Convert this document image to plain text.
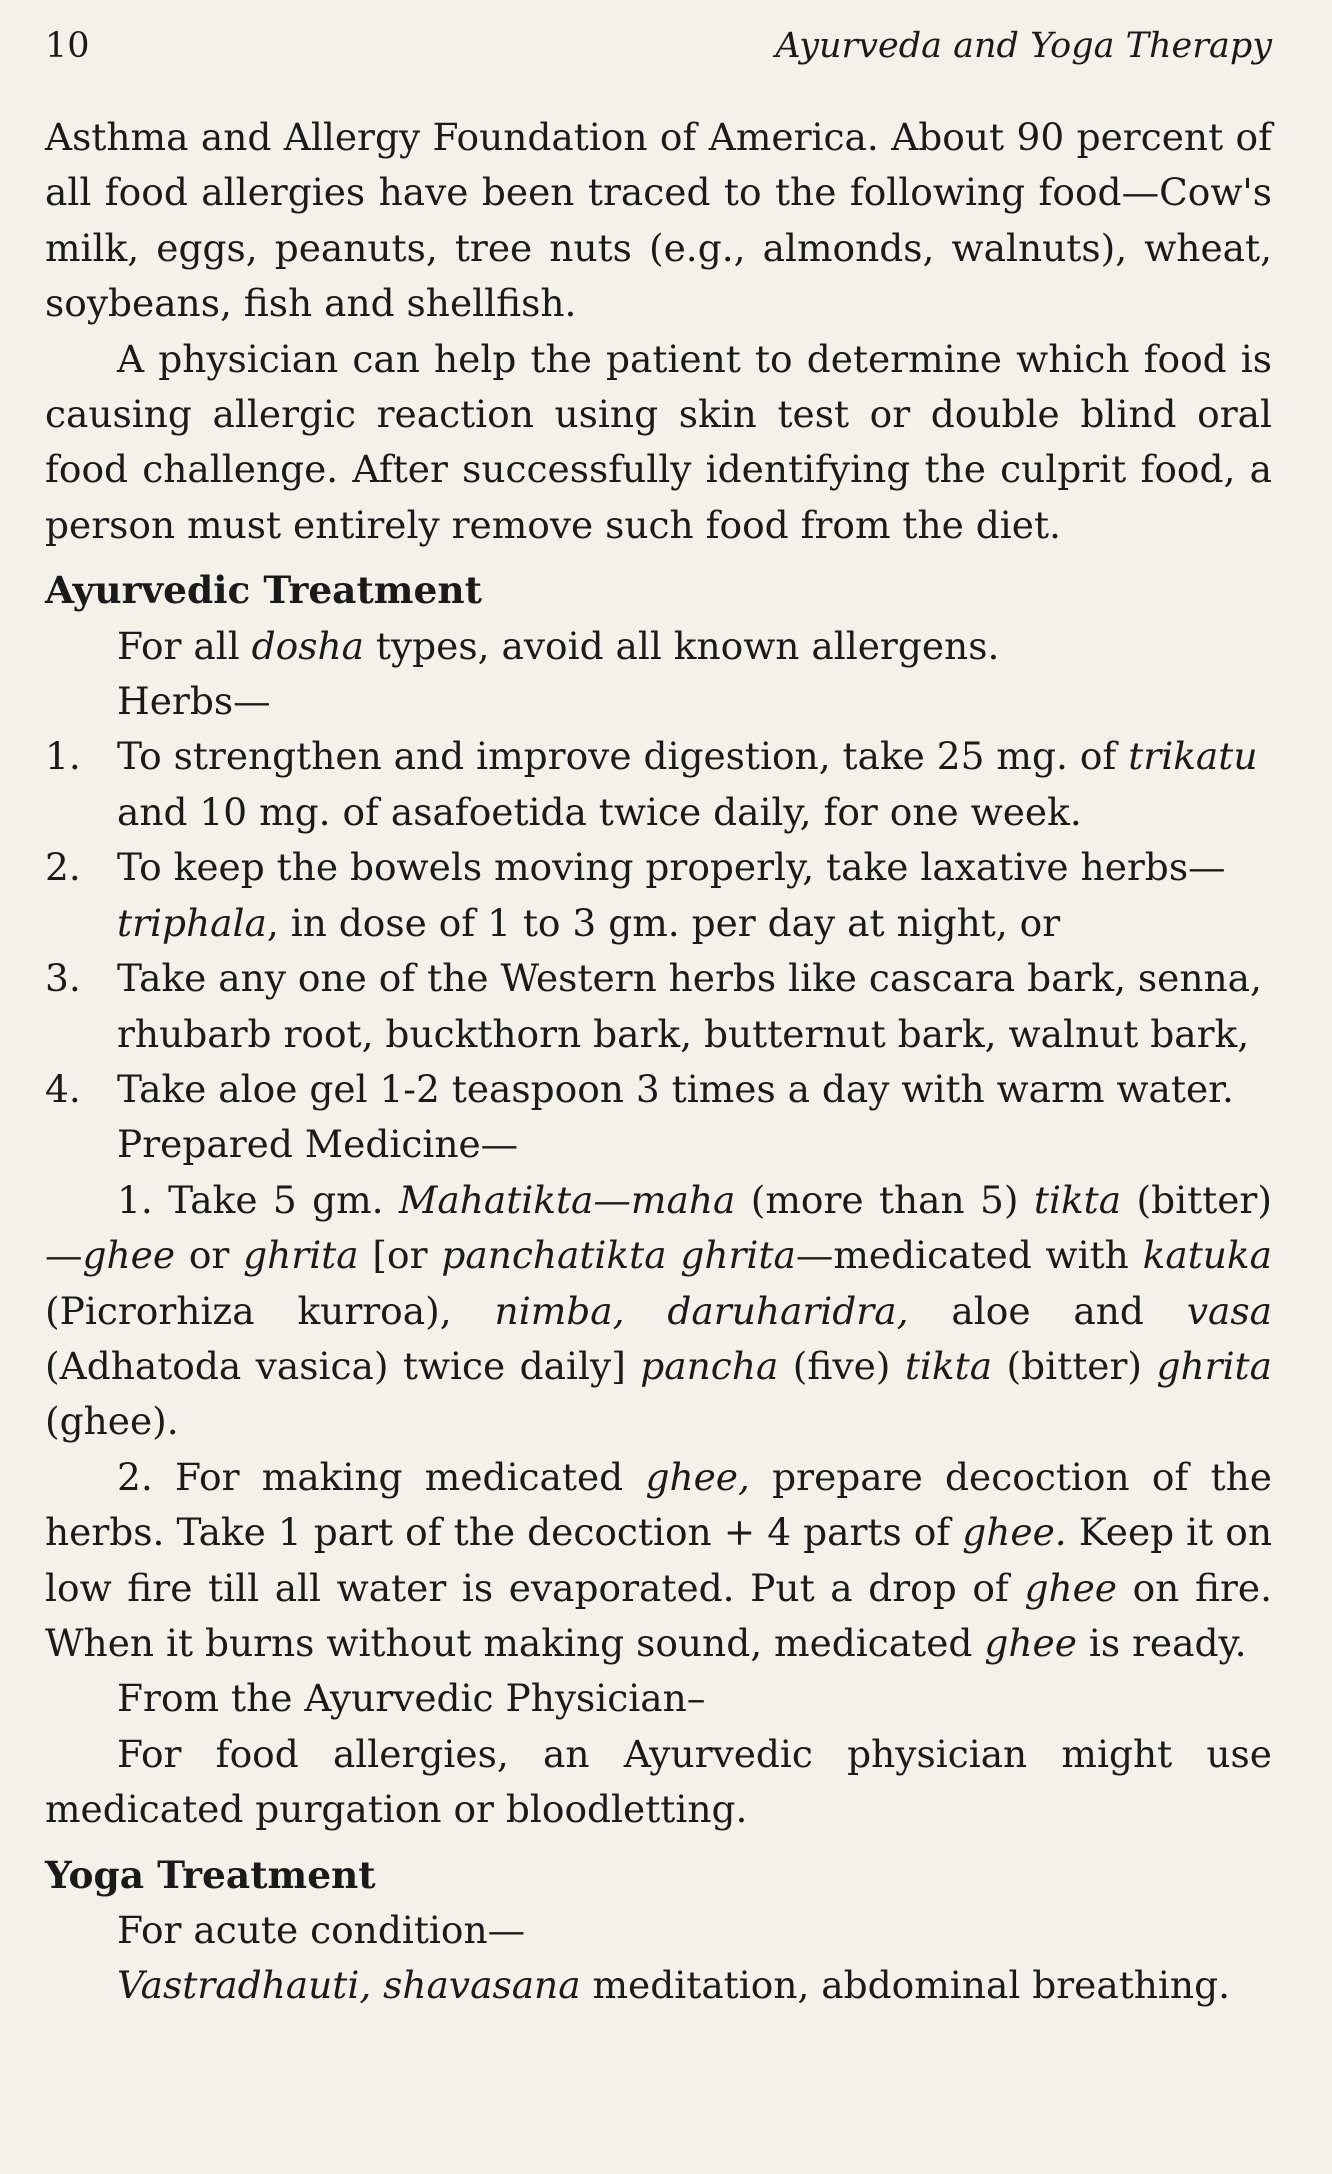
10	Ayurveda and Yoga Therapy

Asthma and Allergy Foundation of America. About 90 percent of all food allergies have been traced to the following food—Cow's milk, eggs, peanuts, tree nuts (e.g., almonds, walnuts), wheat, soybeans, fish and shellfish.

A physician can help the patient to determine which food is causing allergic reaction using skin test or double blind oral food challenge. After successfully identifying the culprit food, a person must entirely remove such food from the diet.

Ayurvedic Treatment

For all dosha types, avoid all known allergens.

Herbs—

1. To strengthen and improve digestion, take 25 mg. of trikatu and 10 mg. of asafoetida twice daily, for one week.
2. To keep the bowels moving properly, take laxative herbs—triphala, in dose of 1 to 3 gm. per day at night, or
3. Take any one of the Western herbs like cascara bark, senna, rhubarb root, buckthorn bark, butternut bark, walnut bark,
4. Take aloe gel 1-2 teaspoon 3 times a day with warm water.

Prepared Medicine—

1. Take 5 gm. Mahatikta—maha (more than 5) tikta (bitter)—ghee or ghrita [or panchatikta ghrita—medicated with katuka (Picrorhiza kurroa), nimba, daruharidra, aloe and vasa (Adhatoda vasica) twice daily] pancha (five) tikta (bitter) ghrita (ghee).

2. For making medicated ghee, prepare decoction of the herbs. Take 1 part of the decoction + 4 parts of ghee. Keep it on low fire till all water is evaporated. Put a drop of ghee on fire. When it burns without making sound, medicated ghee is ready.

From the Ayurvedic Physician–

For food allergies, an Ayurvedic physician might use medicated purgation or bloodletting.

Yoga Treatment

For acute condition—

Vastradhauti, shavasana meditation, abdominal breathing.
